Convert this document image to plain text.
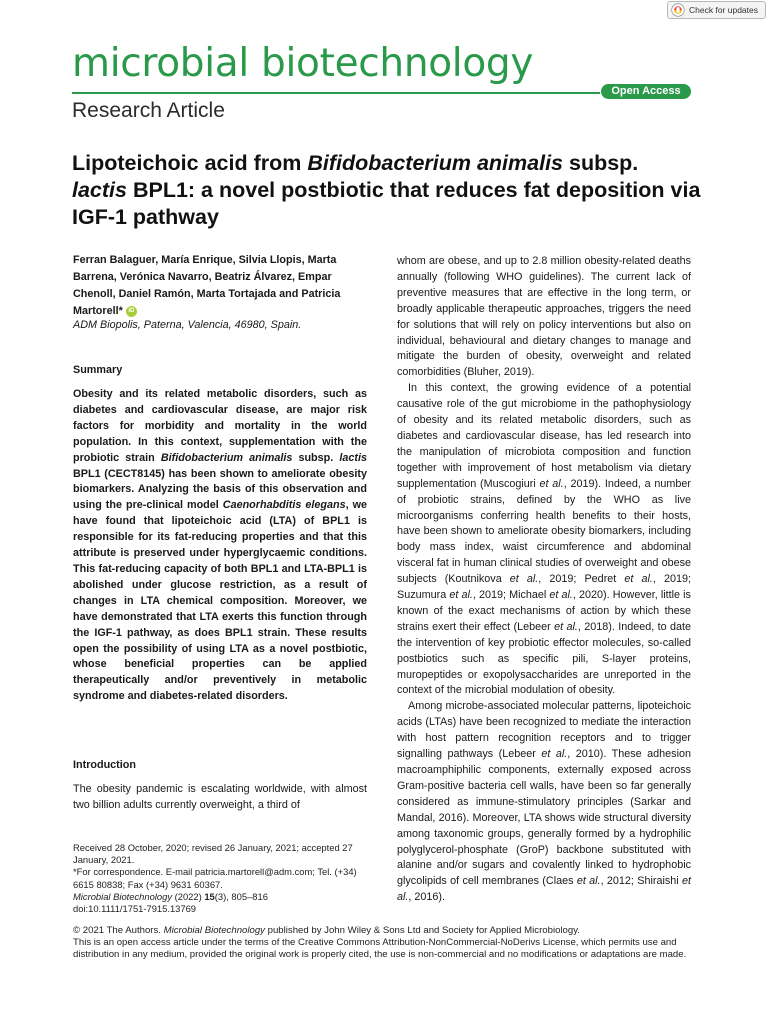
Check for updates
microbial biotechnology
Open Access
Research Article
Lipoteichoic acid from Bifidobacterium animalis subsp.
lactis BPL1: a novel postbiotic that reduces fat deposition via IGF-1 pathway
Ferran Balaguer, María Enrique, Silvia Llopis, Marta Barrena, Verónica Navarro, Beatriz Álvarez, Empar Chenoll, Daniel Ramón, Marta Tortajada and Patricia Martorell* iD
ADM Biopolis, Paterna, Valencia, 46980, Spain.
Summary
Obesity and its related metabolic disorders, such as diabetes and cardiovascular disease, are major risk factors for morbidity and mortality in the world population. In this context, supplementation with the probiotic strain Bifidobacterium animalis subsp. lactis BPL1 (CECT8145) has been shown to ameliorate obesity biomarkers. Analyzing the basis of this observation and using the pre-clinical model Caenorhabditis elegans, we have found that lipoteichoic acid (LTA) of BPL1 is responsible for its fat-reducing properties and that this attribute is preserved under hyperglycaemic conditions. This fat-reducing capacity of both BPL1 and LTA-BPL1 is abolished under glucose restriction, as a result of changes in LTA chemical composition. Moreover, we have demonstrated that LTA exerts this function through the IGF-1 pathway, as does BPL1 strain. These results open the possibility of using LTA as a novel postbiotic, whose beneficial properties can be applied therapeutically and/or preventively in metabolic syndrome and diabetes-related disorders.
Introduction
The obesity pandemic is escalating worldwide, with almost two billion adults currently overweight, a third of

Received 28 October, 2020; revised 26 January, 2021; accepted 27 January, 2021.

*For correspondence. E-mail patricia.martorell@adm.com; Tel. (+34) 6615 80838; Fax (+34) 9631 60367.

Microbial Biotechnology (2022) 15(3), 805–816

doi:10.1111/1751-7915.13769

whom are obese, and up to 2.8 million obesity-related deaths annually (following WHO guidelines). The current lack of preventive measures that are effective in the long term, or broadly applicable therapeutic approaches, triggers the need for solutions that will rely on policy interventions but also on individual, behavioural and dietary changes to manage and mitigate the burden of obesity, overweight and related comorbidities (Bluher, 2019).

In this context, the growing evidence of a potential causative role of the gut microbiome in the pathophysiology of obesity and its related metabolic disorders, such as diabetes and cardiovascular disease, has led research into the manipulation of microbiota composition and function together with improvement of host metabolism via dietary supplementation (Muscogiuri et al., 2019). Indeed, a number of probiotic strains, defined by the WHO as live microorganisms conferring health benefits to their hosts, have been shown to ameliorate obesity biomarkers, including body mass index, waist circumference and abdominal visceral fat in human clinical studies of overweight and obese subjects (Koutnikova et al., 2019; Pedret et al., 2019; Suzumura et al., 2019; Michael et al., 2020). However, little is known of the exact mechanisms of action by which these strains exert their effect (Lebeer et al., 2018). Indeed, to date the intervention of key probiotic effector molecules, so-called postbiotics such as specific pili, S-layer proteins, muropeptides or exopolysaccharides are unreported in the context of the microbial modulation of obesity.

Among microbe-associated molecular patterns, lipoteichoic acids (LTAs) have been recognized to mediate the interaction with host pattern recognition receptors and to trigger signalling pathways (Lebeer et al., 2010). These adhesion macroamphiphilic components, externally exposed across Gram-positive bacteria cell walls, have been so far generally considered as immune-stimulatory principles (Sarkar and Mandal, 2016). Moreover, LTA shows wide structural diversity among taxonomic groups, generally formed by a hydrophilic polyglycerol-phosphate (GroP) backbone substituted with alanine and/or sugars and covalently linked to hydrophobic glycolipids of cell membranes (Claes et al., 2012; Shiraishi et al., 2016).

© 2021 The Authors. Microbial Biotechnology published by John Wiley & Sons Ltd and Society for Applied Microbiology.

This is an open access article under the terms of the Creative Commons Attribution-NonCommercial-NoDerivs License, which permits use and distribution in any medium, provided the original work is properly cited, the use is non-commercial and no modifications or adaptations are made.
